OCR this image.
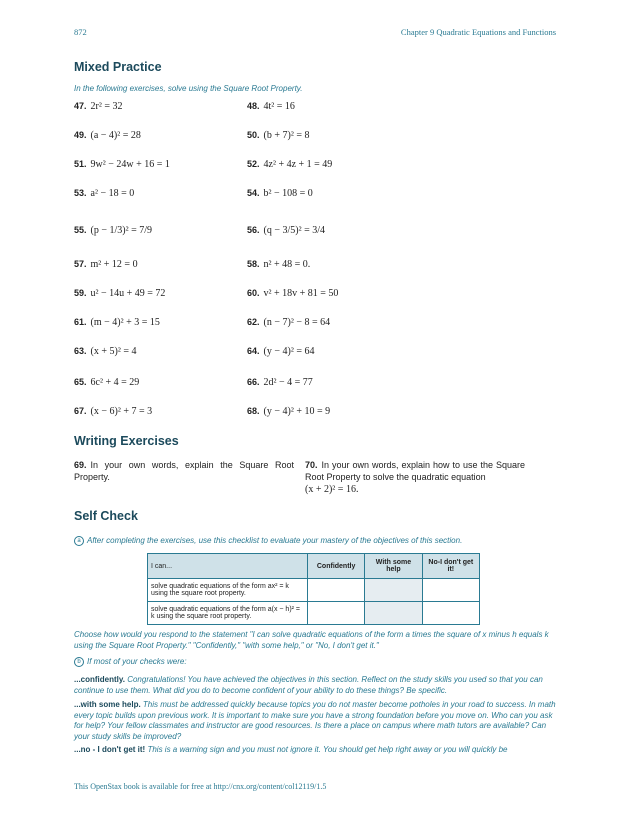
872	Chapter 9 Quadratic Equations and Functions
Mixed Practice

In the following exercises, solve using the Square Root Property.

47. 2r² = 32	48. 4t² = 16
49. (a − 4)² = 28	50. (b + 7)² = 8
51. 9w² − 24w + 16 = 1	52. 4z² + 4z + 1 = 49
53. a² − 18 = 0	54. b² − 108 = 0
55. (p − 1/3)² = 7/9	56. (q − 3/5)² = 3/4
57. m² + 12 = 0	58. n² + 48 = 0.
59. u² − 14u + 49 = 72	60. v² + 18v + 81 = 50
61. (m − 4)² + 3 = 15	62. (n − 7)² − 8 = 64
63. (x + 5)² = 4	64. (y − 4)² = 64
65. 6c² + 4 = 29	66. 2d² − 4 = 77
67. (x − 6)² + 7 = 3	68. (y − 4)² + 10 = 9
Writing Exercises
69. In your own words, explain the Square Root Property.
70. In your own words, explain how to use the Square Root Property to solve the quadratic equation
(x + 2)² = 16.
Self Check

a After completing the exercises, use this checklist to evaluate your mastery of the objectives of this section.

I can...	Confidently	With some help	No-I don't get it!
solve quadratic equations of the form ax² = k using the square root property.			
solve quadratic equations of the form a(x − h)² = k using the square root property.			

Choose how would you respond to the statement "I can solve quadratic equations of the form a times the square of x minus h equals k using the Square Root Property." "Confidently," "with some help," or "No, I don't get it."

b If most of your checks were:

...confidently. Congratulations! You have achieved the objectives in this section. Reflect on the study skills you used so that you can continue to use them. What did you do to become confident of your ability to do these things? Be specific.

...with some help. This must be addressed quickly because topics you do not master become potholes in your road to success. In math every topic builds upon previous work. It is important to make sure you have a strong foundation before you move on. Who can you ask for help? Your fellow classmates and instructor are good resources. Is there a place on campus where math tutors are available? Can your study skills be improved?

...no - I don't get it! This is a warning sign and you must not ignore it. You should get help right away or you will quickly be

This OpenStax book is available for free at http://cnx.org/content/col12119/1.5
